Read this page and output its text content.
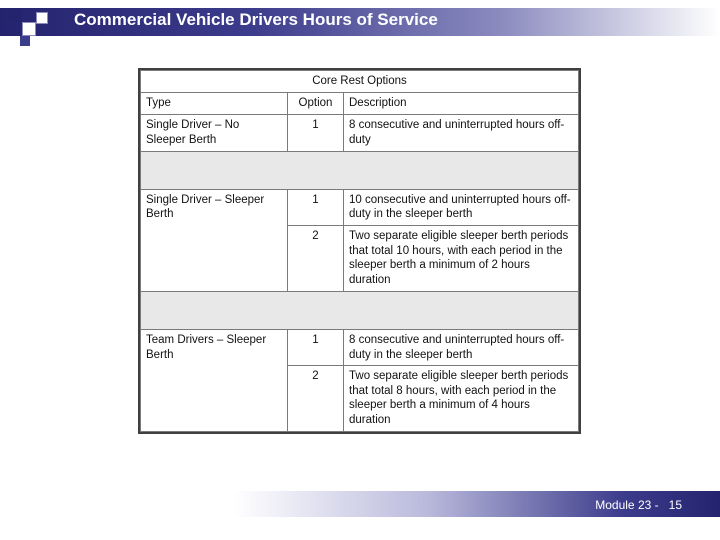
Commercial Vehicle Drivers Hours of Service
Core Rest Options		
Type	Option	Description
Single Driver – No Sleeper Berth	1	8 consecutive and uninterrupted hours off-duty

Single Driver – Sleeper Berth	1	10 consecutive and uninterrupted hours off-duty in the sleeper berth
	2	Two separate eligible sleeper berth periods that total 10 hours, with each period in the sleeper berth a minimum of 2 hours duration

Team Drivers – Sleeper Berth	1	8 consecutive and uninterrupted hours off-duty in the sleeper berth
	2	Two separate eligible sleeper berth periods that total 8 hours, with each period in the sleeper berth a minimum of 4 hours duration
Module 23 - 15
